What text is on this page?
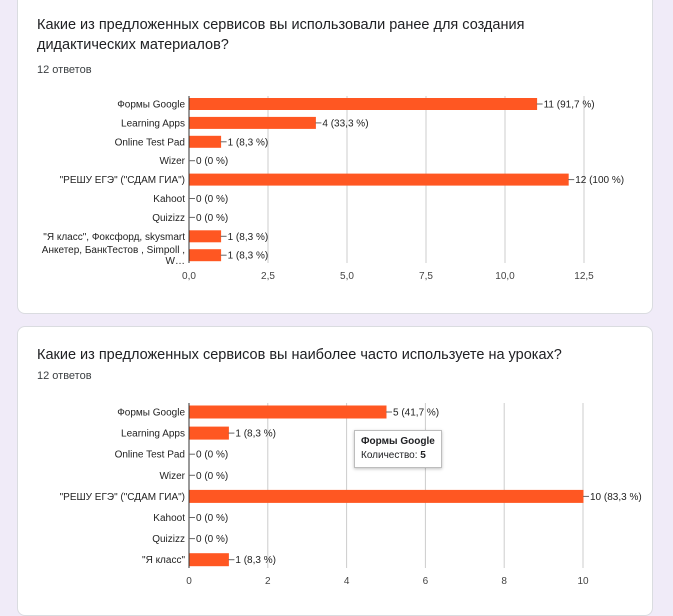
Какие из предложенных сервисов вы использовали ранее для создания дидактических материалов?
12 ответов
Какие из предложенных сервисов вы наиболее часто используете на уроках?
12 ответов
0,0	2,5	5,0	7,5	10,0	12,5
Формы Google	11 (91,7 %)
Learning Apps	4 (33,3 %)
Online Test Pad	1 (8,3 %)
Wizer 0 (0 %)
"РЕШУ ЕГЭ" ("СДАМ ГИА")	12 (100 %)
Kahoot 0 (0 %)
Quizizz 0 (0 %)
"Я класс", Фоксфорд, skysmart	1 (8,3 %)
Анкетер, БанкТестов , Simpoll ,
W…	1 (8,3 %)
0	2	4	6	8	10
Формы Google	5 (41,7 %)
Learning Apps	1 (8,3 %)
Online Test Pad 0 (0 %)
Wizer 0 (0 %)
"РЕШУ ЕГЭ" ("СДАМ ГИА")	10 (83,3 %)
Kahoot 0 (0 %)
Quizizz 0 (0 %)
"Я класс"	1 (8,3 %)
Формы Google
Количество: 5
